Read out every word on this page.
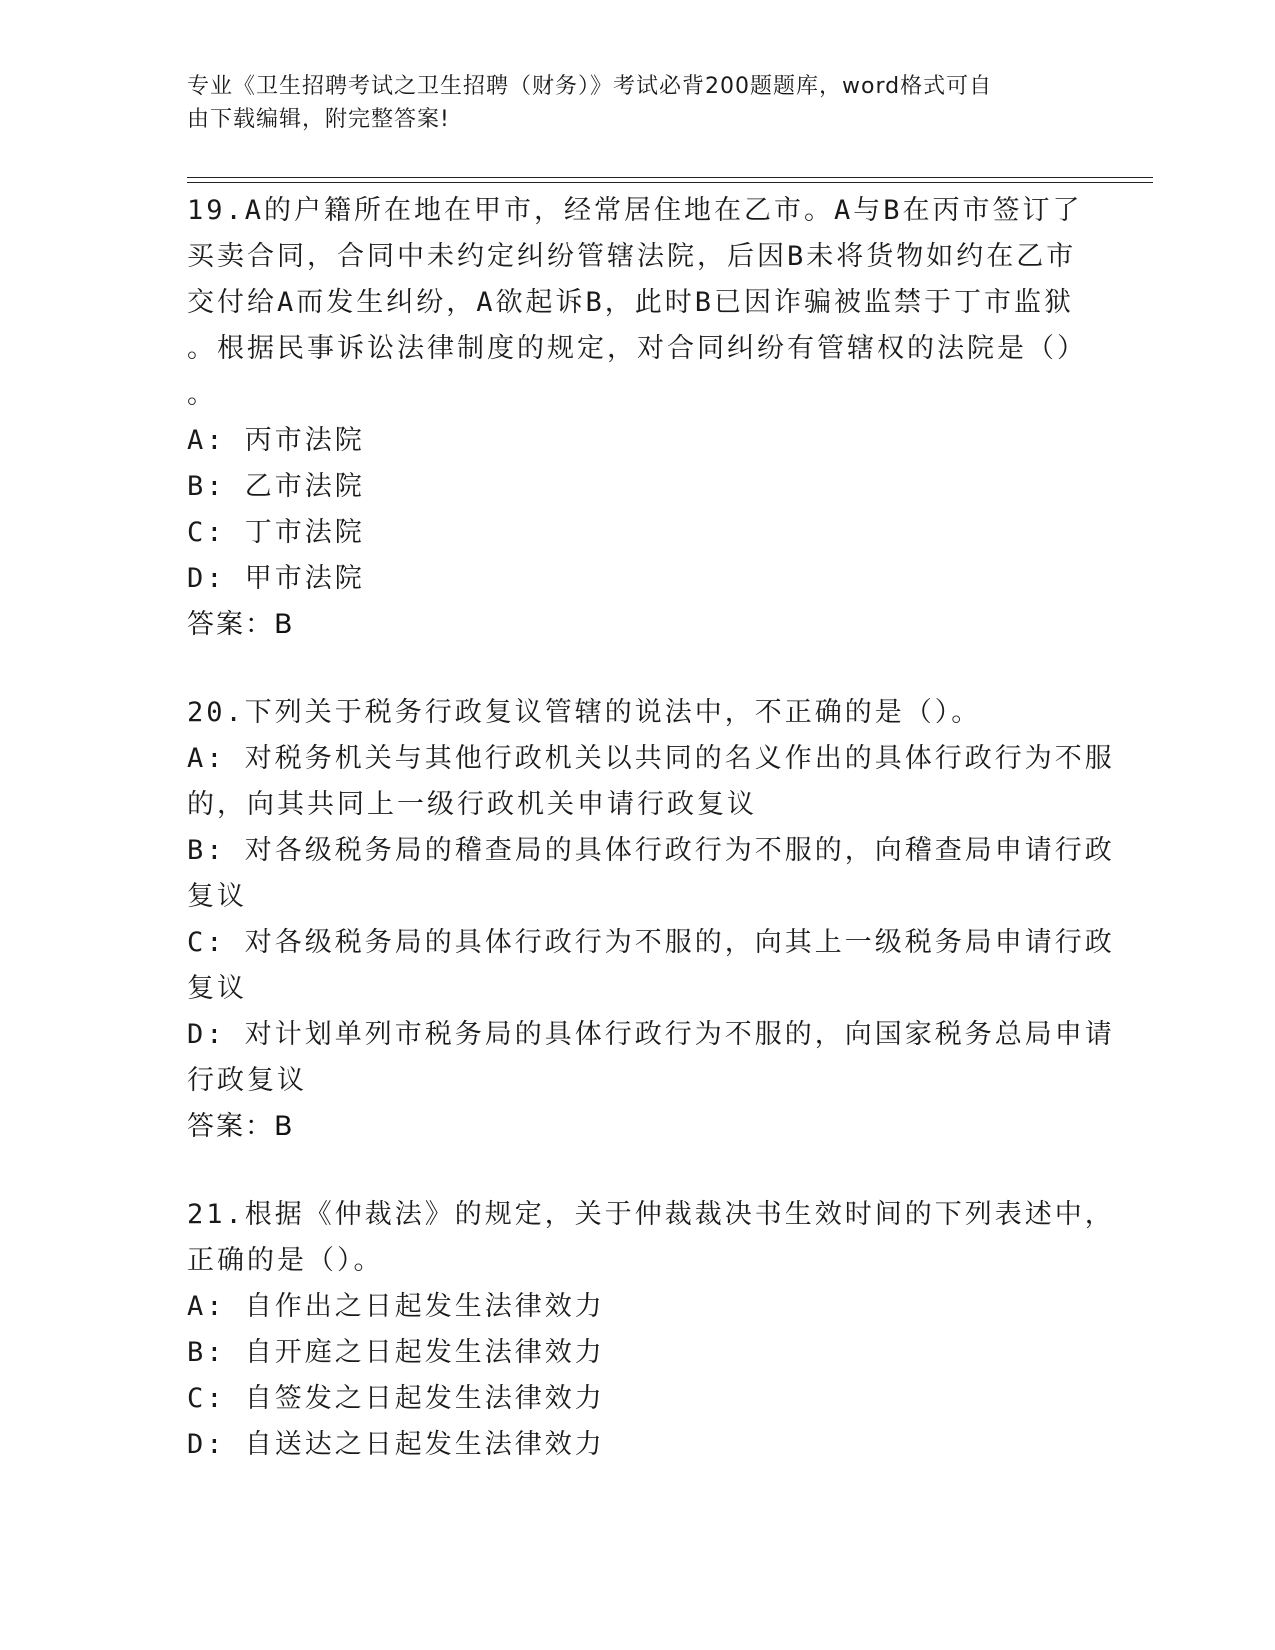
专业《卫生招聘考试之卫生招聘（财务）》考试必背200题题库，word格式可自
由下载编辑，附完整答案!
19.A的户籍所在地在甲市，经常居住地在乙市。A与B在丙市签订了
买卖合同，合同中未约定纠纷管辖法院，后因B未将货物如约在乙市
交付给A而发生纠纷，A欲起诉B，此时B已因诈骗被监禁于丁市监狱
。根据民事诉讼法律制度的规定，对合同纠纷有管辖权的法院是（）
。
A: 丙市法院
B: 乙市法院
C: 丁市法院
D: 甲市法院
答案：B
20.下列关于税务行政复议管辖的说法中，不正确的是（）。
A: 对税务机关与其他行政机关以共同的名义作出的具体行政行为不服
的，向其共同上一级行政机关申请行政复议
B: 对各级税务局的稽查局的具体行政行为不服的，向稽查局申请行政
复议
C: 对各级税务局的具体行政行为不服的，向其上一级税务局申请行政
复议
D: 对计划单列市税务局的具体行政行为不服的，向国家税务总局申请
行政复议
答案：B
21.根据《仲裁法》的规定，关于仲裁裁决书生效时间的下列表述中，
正确的是（）。
A: 自作出之日起发生法律效力
B: 自开庭之日起发生法律效力
C: 自签发之日起发生法律效力
D: 自送达之日起发生法律效力
